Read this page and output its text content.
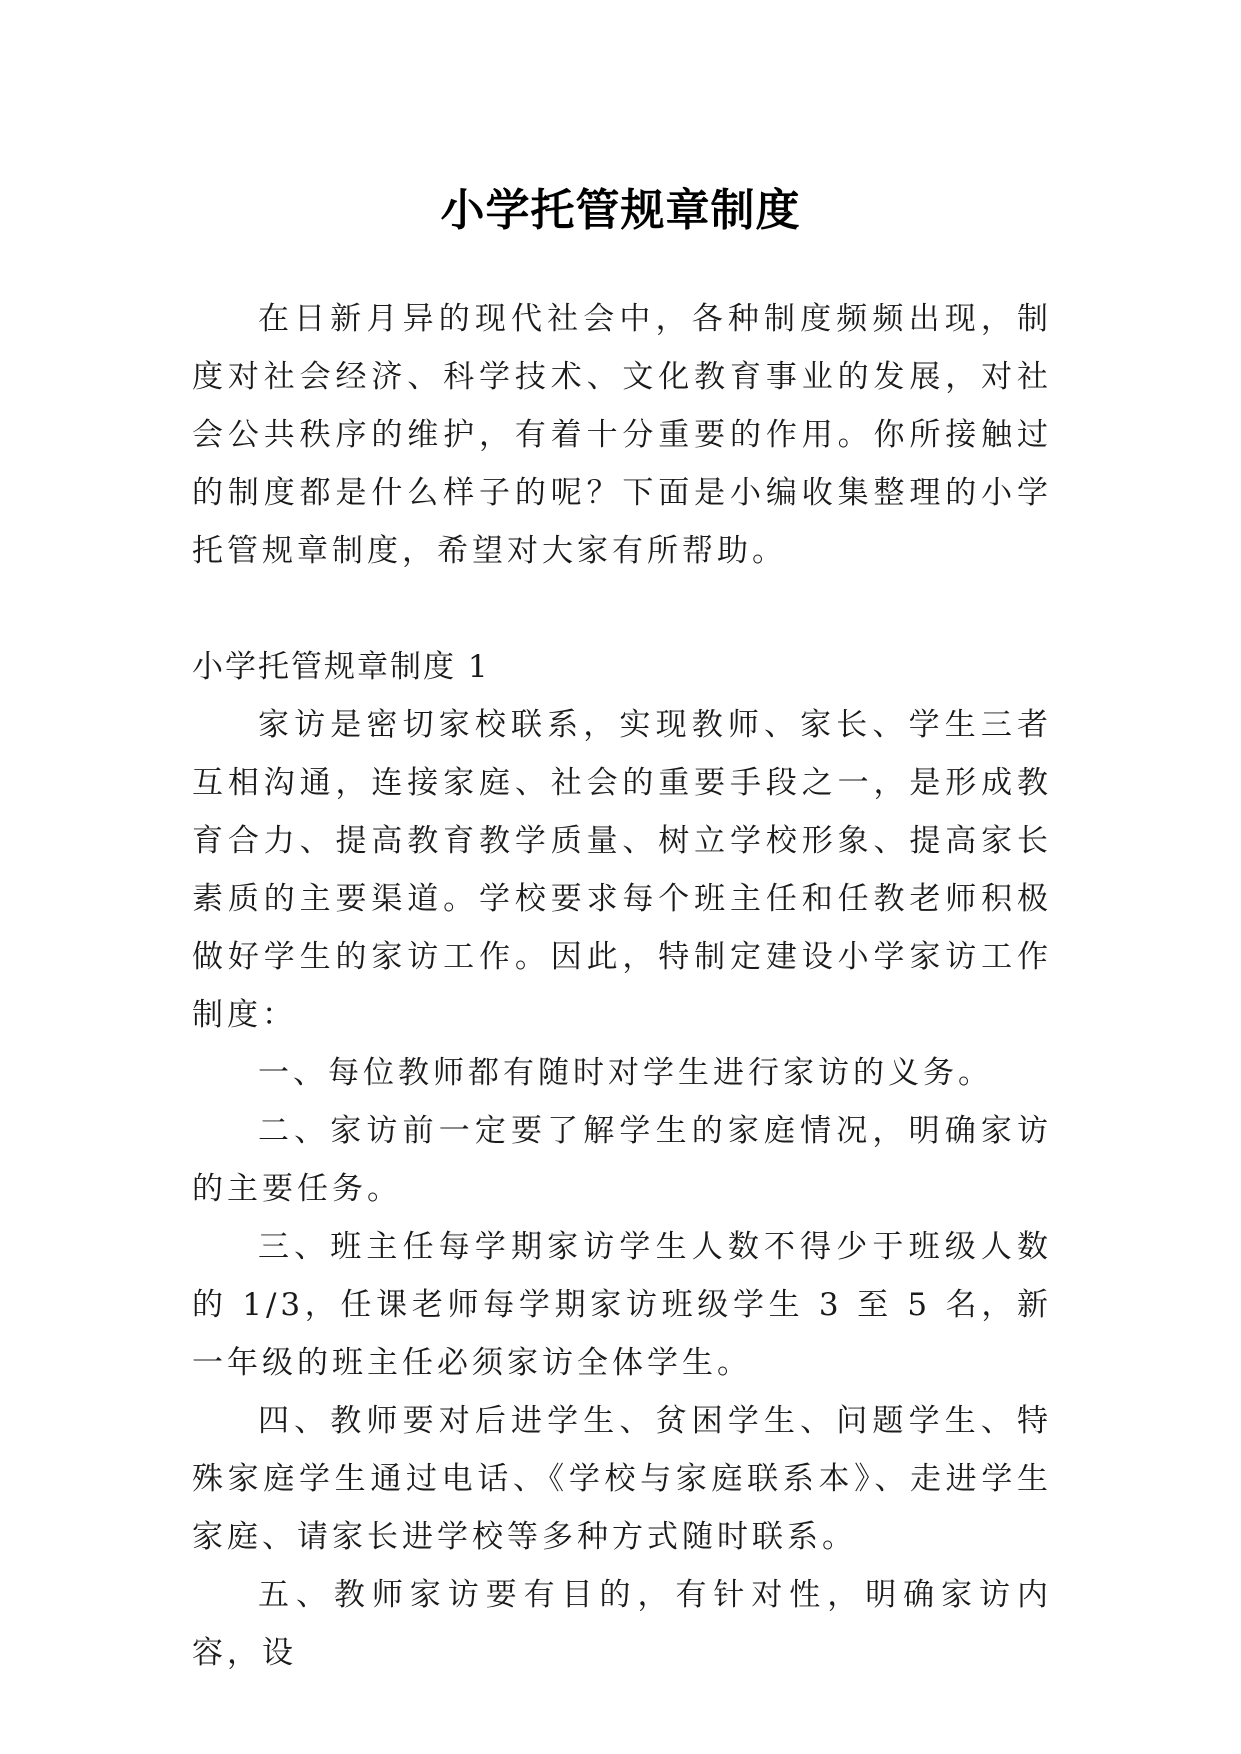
小学托管规章制度

在日新月异的现代社会中，各种制度频频出现，制度对社会经济、科学技术、文化教育事业的发展，对社会公共秩序的维护，有着十分重要的作用。你所接触过的制度都是什么样子的呢？下面是小编收集整理的小学托管规章制度，希望对大家有所帮助。

小学托管规章制度 1

家访是密切家校联系，实现教师、家长、学生三者互相沟通，连接家庭、社会的重要手段之一，是形成教育合力、提高教育教学质量、树立学校形象、提高家长素质的主要渠道。学校要求每个班主任和任教老师积极做好学生的家访工作。因此，特制定建设小学家访工作制度：

一、每位教师都有随时对学生进行家访的义务。

二、家访前一定要了解学生的家庭情况，明确家访的主要任务。

三、班主任每学期家访学生人数不得少于班级人数的 1/3，任课老师每学期家访班级学生 3 至 5 名，新一年级的班主任必须家访全体学生。

四、教师要对后进学生、贫困学生、问题学生、特殊家庭学生通过电话、《学校与家庭联系本》、走进学生家庭、请家长进学校等多种方式随时联系。

五、教师家访要有目的，有针对性，明确家访内容，设
